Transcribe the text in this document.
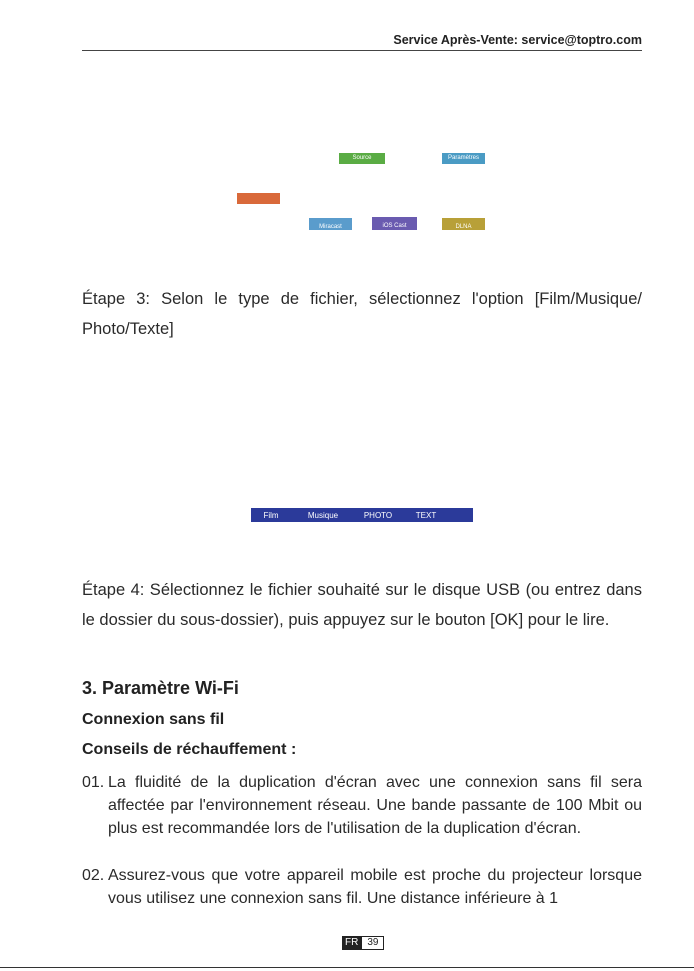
Service Après-Vente: service@toptro.com
Source	Paramètres
Miracast	iOS Cast	DLNA
Étape 3: Selon le type de fichier, sélectionnez l'option [Film/Musique/ Photo/Texte]
Film	Musique	PHOTO	TEXT
Étape 4: Sélectionnez le fichier souhaité sur le disque USB (ou entrez dans le dossier du sous-dossier), puis appuyez sur le bouton [OK] pour le lire.
3. Paramètre Wi-Fi
Connexion sans fil
Conseils de réchauffement :
01. La fluidité de la duplication d'écran avec une connexion sans fil sera affectée par l'environnement réseau. Une bande passante de 100 Mbit ou plus est recommandée lors de l'utilisation de la duplication d'écran.
02. Assurez-vous que votre appareil mobile est proche du projecteur lorsque vous utilisez une connexion sans fil. Une distance inférieure à 1
FR 39
